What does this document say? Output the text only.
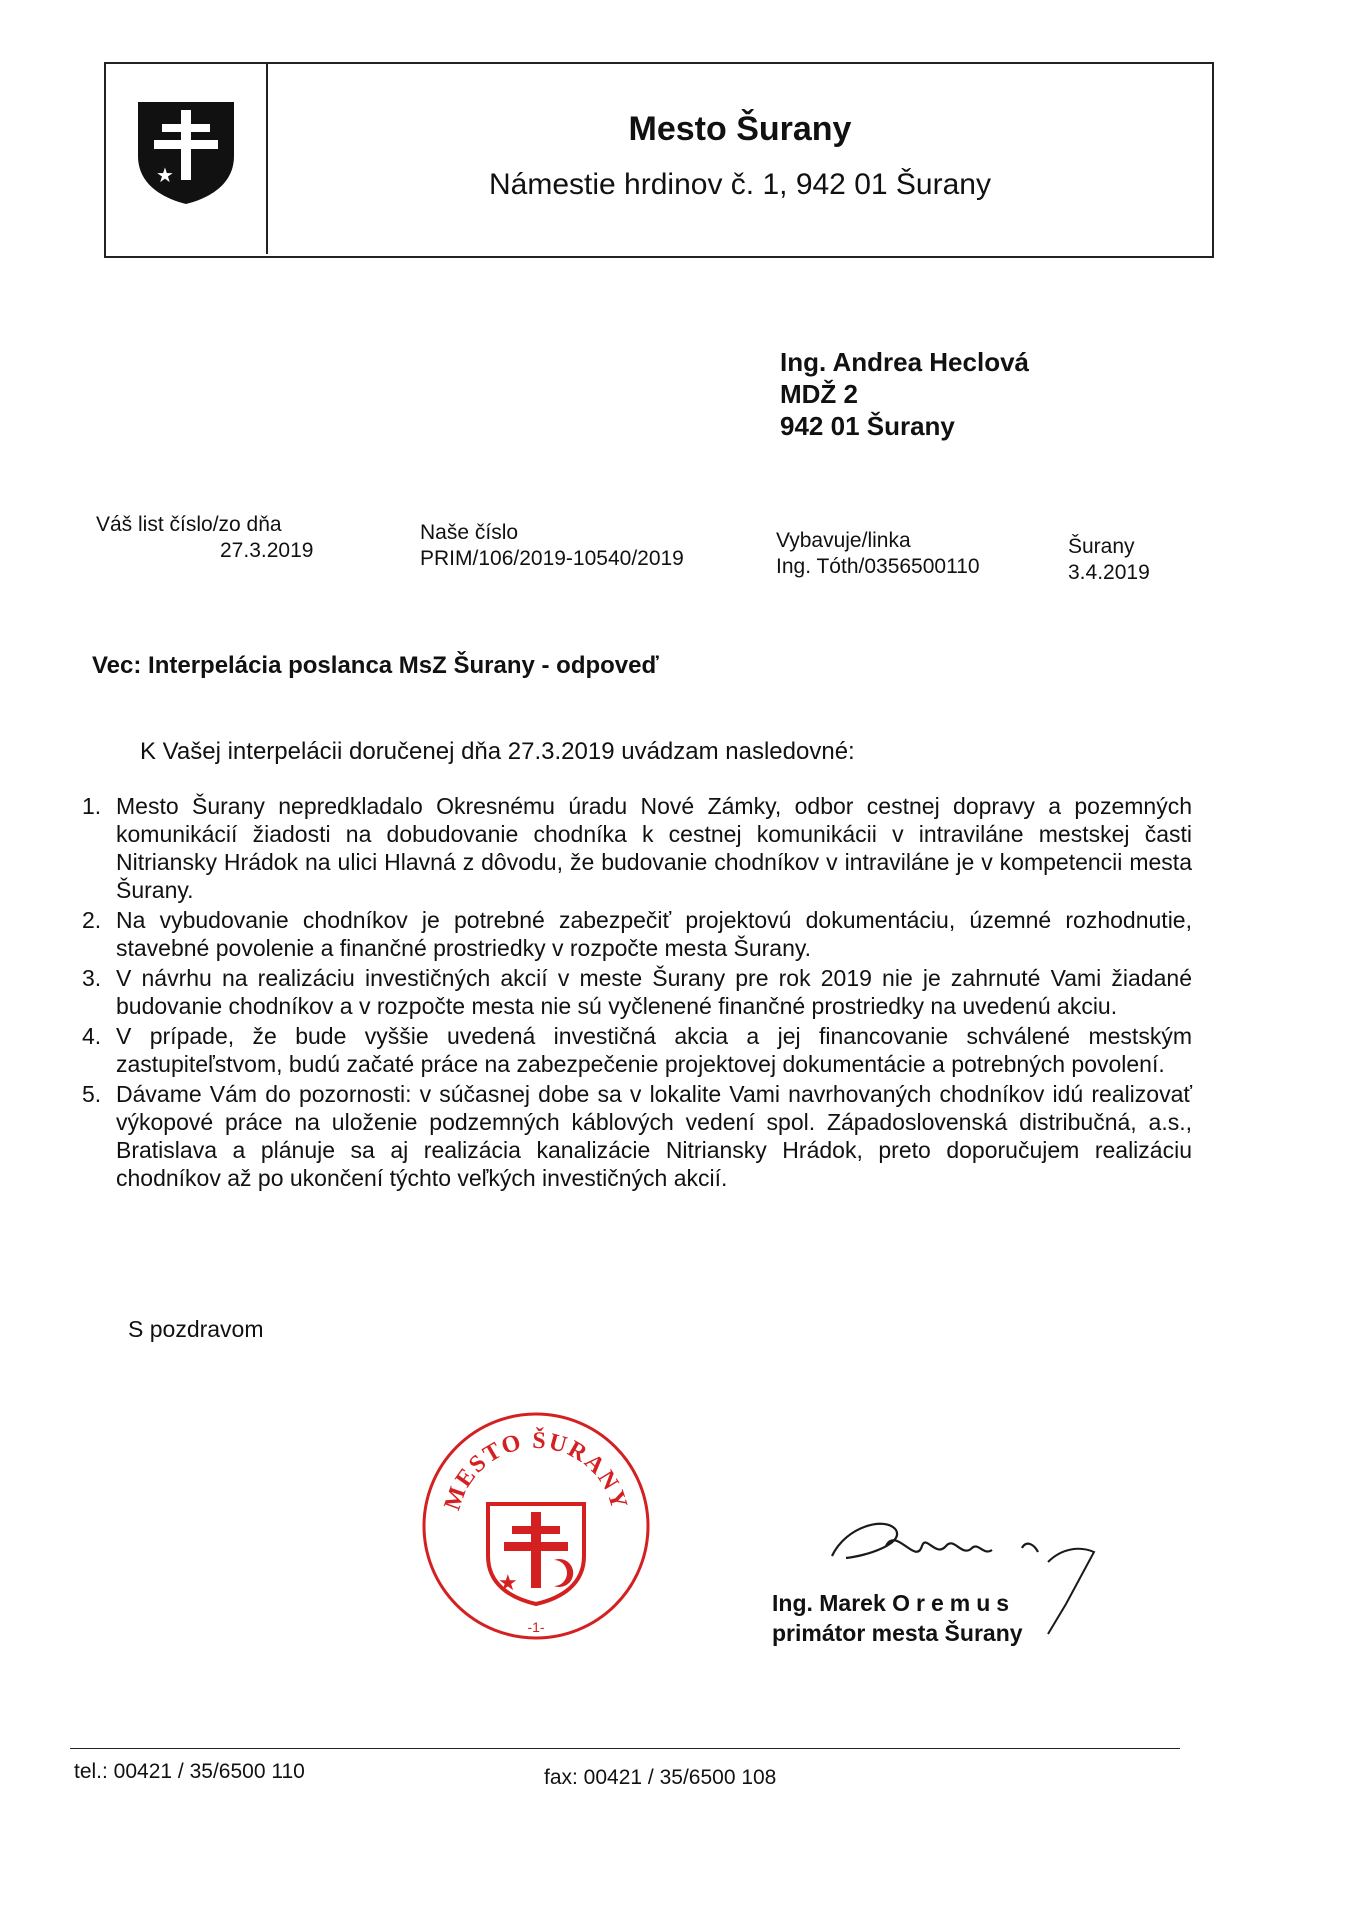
★
Mesto Šurany
Námestie hrdinov č. 1, 942 01 Šurany
Ing. Andrea Heclová
MDŽ 2
942 01 Šurany
Váš list číslo/zo dňa
27.3.2019
Naše číslo
PRIM/106/2019-10540/2019
Vybavuje/linka
Ing. Tóth/0356500110
Šurany
3.4.2019
Vec: Interpelácia poslanca MsZ Šurany - odpoveď
K Vašej interpelácii doručenej dňa 27.3.2019 uvádzam nasledovné:
1. Mesto Šurany nepredkladalo Okresnému úradu Nové Zámky, odbor cestnej dopravy a pozemných komunikácií žiadosti na dobudovanie chodníka k cestnej komunikácii v intraviláne mestskej časti Nitriansky Hrádok na ulici Hlavná z dôvodu, že budovanie chodníkov v intraviláne je v kompetencii mesta Šurany.
2. Na vybudovanie chodníkov je potrebné zabezpečiť projektovú dokumentáciu, územné rozhodnutie, stavebné povolenie a finančné prostriedky v rozpočte mesta Šurany.
3. V návrhu na realizáciu investičných akcií v meste Šurany pre rok 2019 nie je zahrnuté Vami žiadané budovanie chodníkov a v rozpočte mesta nie sú vyčlenené finančné prostriedky na uvedenú akciu.
4. V prípade, že bude vyššie uvedená investičná akcia a jej financovanie schválené mestským zastupiteľstvom, budú začaté práce na zabezpečenie projektovej dokumentácie a potrebných povolení.
5. Dávame Vám do pozornosti: v súčasnej dobe sa v lokalite Vami navrhovaných chodníkov idú realizovať výkopové práce na uloženie podzemných káblových vedení spol. Západoslovenská distribučná, a.s., Bratislava a plánuje sa aj realizácia kanalizácie Nitriansky Hrádok, preto doporučujem realizáciu chodníkov až po ukončení týchto veľkých investičných akcií.
S pozdravom
MESTO ŠURANY
★
-1-
Ing. Marek Oremus
primátor mesta Šurany
tel.: 00421 / 35/6500 110	fax: 00421 / 35/6500 108
